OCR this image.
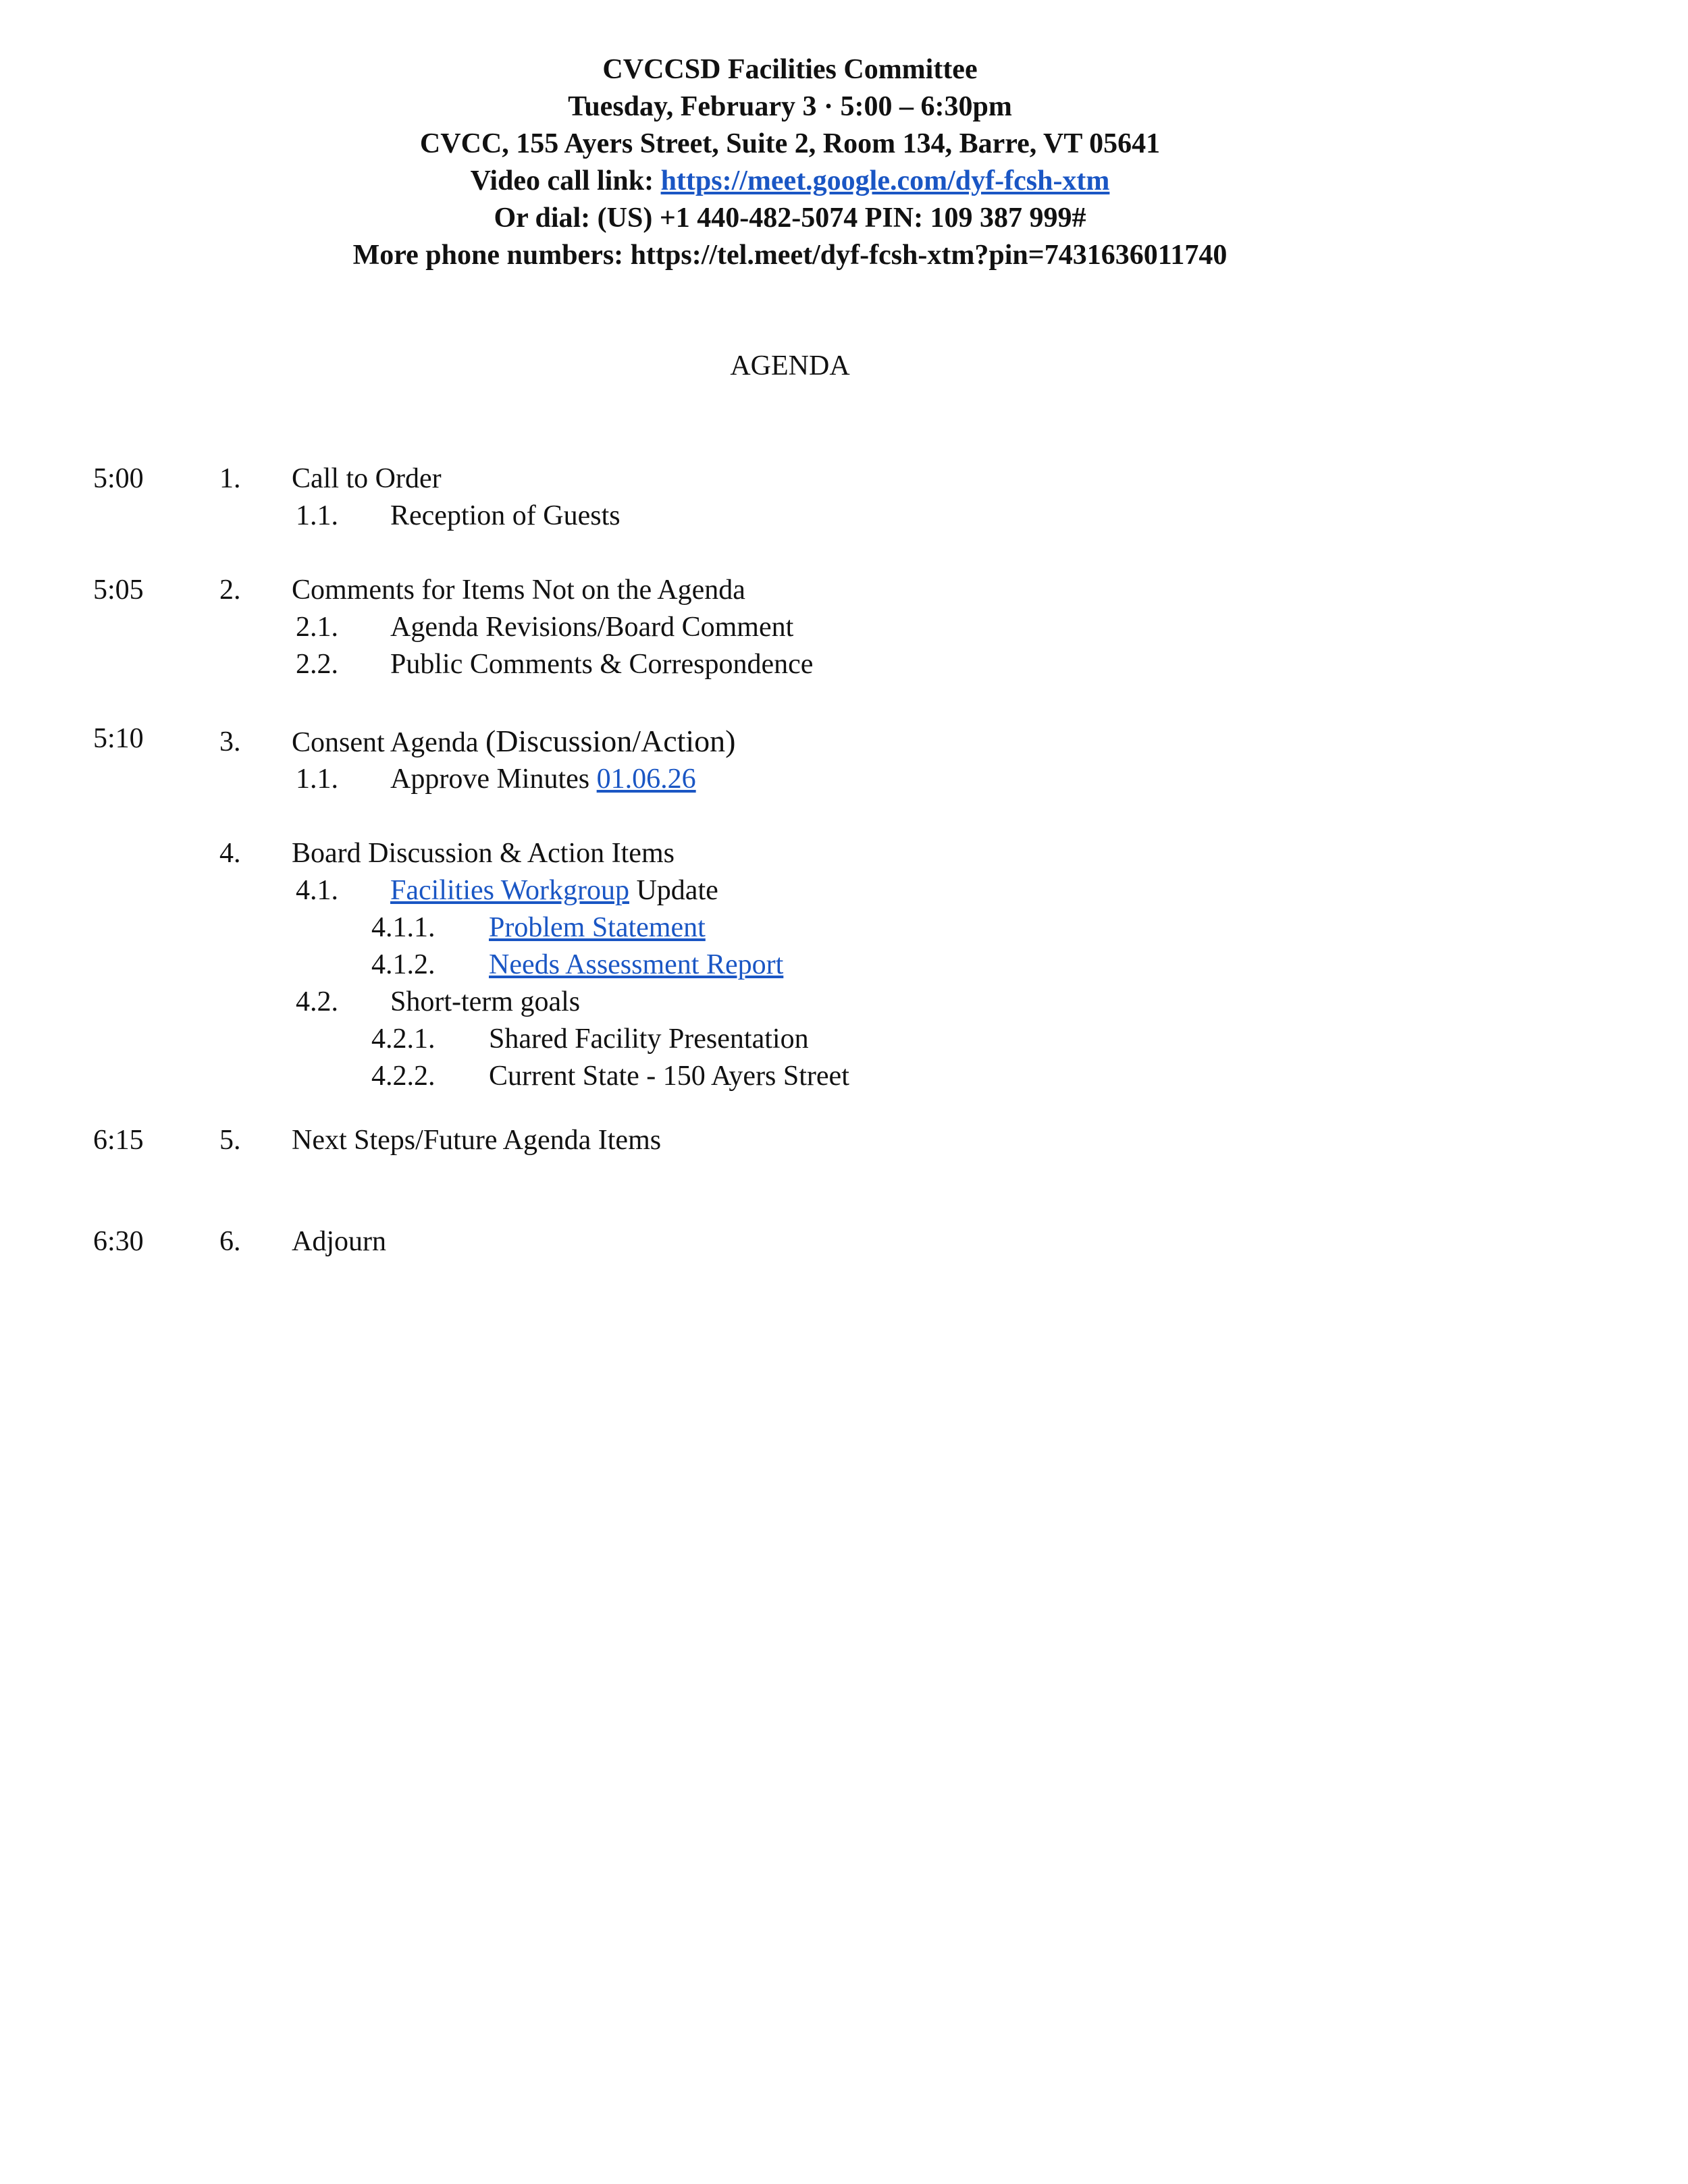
CVCCSD Facilities Committee
Tuesday, February 3 · 5:00 – 6:30pm
CVCC, 155 Ayers Street, Suite 2, Room 134, Barre, VT 05641
Video call link: https://meet.google.com/dyf-fcsh-xtm
Or dial: (US) +1 440-482-5074 PIN: 109 387 999#
More phone numbers: https://tel.meet/dyf-fcsh-xtm?pin=7431636011740
AGENDA
5:00	1. Call to Order
1.1. Reception of Guests
5:05	2. Comments for Items Not on the Agenda
2.1. Agenda Revisions/Board Comment
2.2. Public Comments & Correspondence
5:10	3. Consent Agenda (Discussion/Action)
1.1. Approve Minutes 01.06.26
4. Board Discussion & Action Items
4.1. Facilities Workgroup Update
4.1.1. Problem Statement
4.1.2. Needs Assessment Report
4.2. Short-term goals
4.2.1. Shared Facility Presentation
4.2.2. Current State - 150 Ayers Street
6:15	5. Next Steps/Future Agenda Items
6:30	6. Adjourn
